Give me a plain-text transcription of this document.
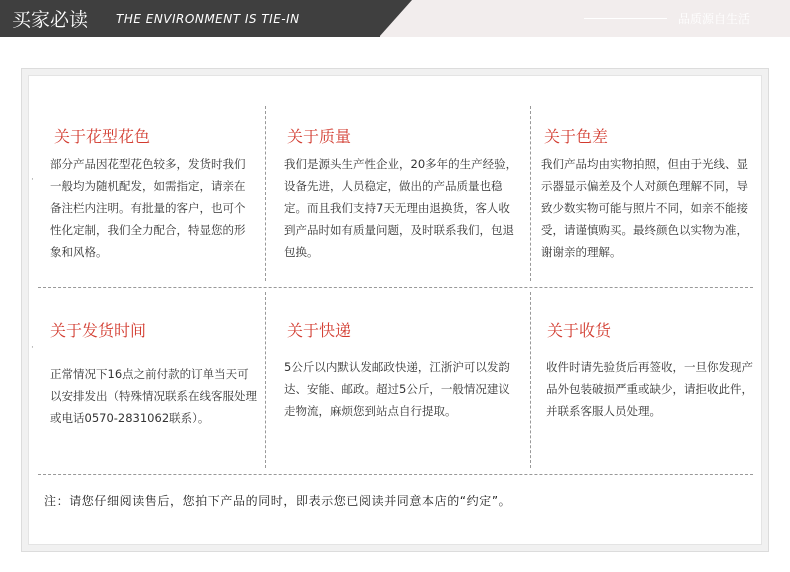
买家必读 THE ENVIRONMENT IS TIE-IN	品质源自生活
关于花型花色
部分产品因花型花色较多，发货时我们一般均为随机配发，如需指定，请亲在备注栏内注明。有批量的客户，也可个性化定制，我们全力配合，特显您的形象和风格。
关于质量
我们是源头生产性企业，20多年的生产经验，设备先进，人员稳定，做出的产品质量也稳定。而且我们支持7天无理由退换货，客人收到产品时如有质量问题，及时联系我们，包退包换。
关于色差
我们产品均由实物拍照，但由于光线、显示器显示偏差及个人对颜色理解不同，导致少数实物可能与照片不同，如亲不能接受，请谨慎购买。最终颜色以实物为准，谢谢亲的理解。
关于发货时间
正常情况下16点之前付款的订单当天可以安排发出（特殊情况联系在线客服处理或电话0570-2831062联系）。
关于快递
5公斤以内默认发邮政快递，江浙沪可以发韵达、安能、邮政。超过5公斤，一般情况建议走物流，麻烦您到站点自行提取。
关于收货
收件时请先验货后再签收，一旦你发现产品外包装破损严重或缺少，请拒收此件，并联系客服人员处理。
·
·
注：请您仔细阅读售后，您拍下产品的同时，即表示您已阅读并同意本店的“约定”。
